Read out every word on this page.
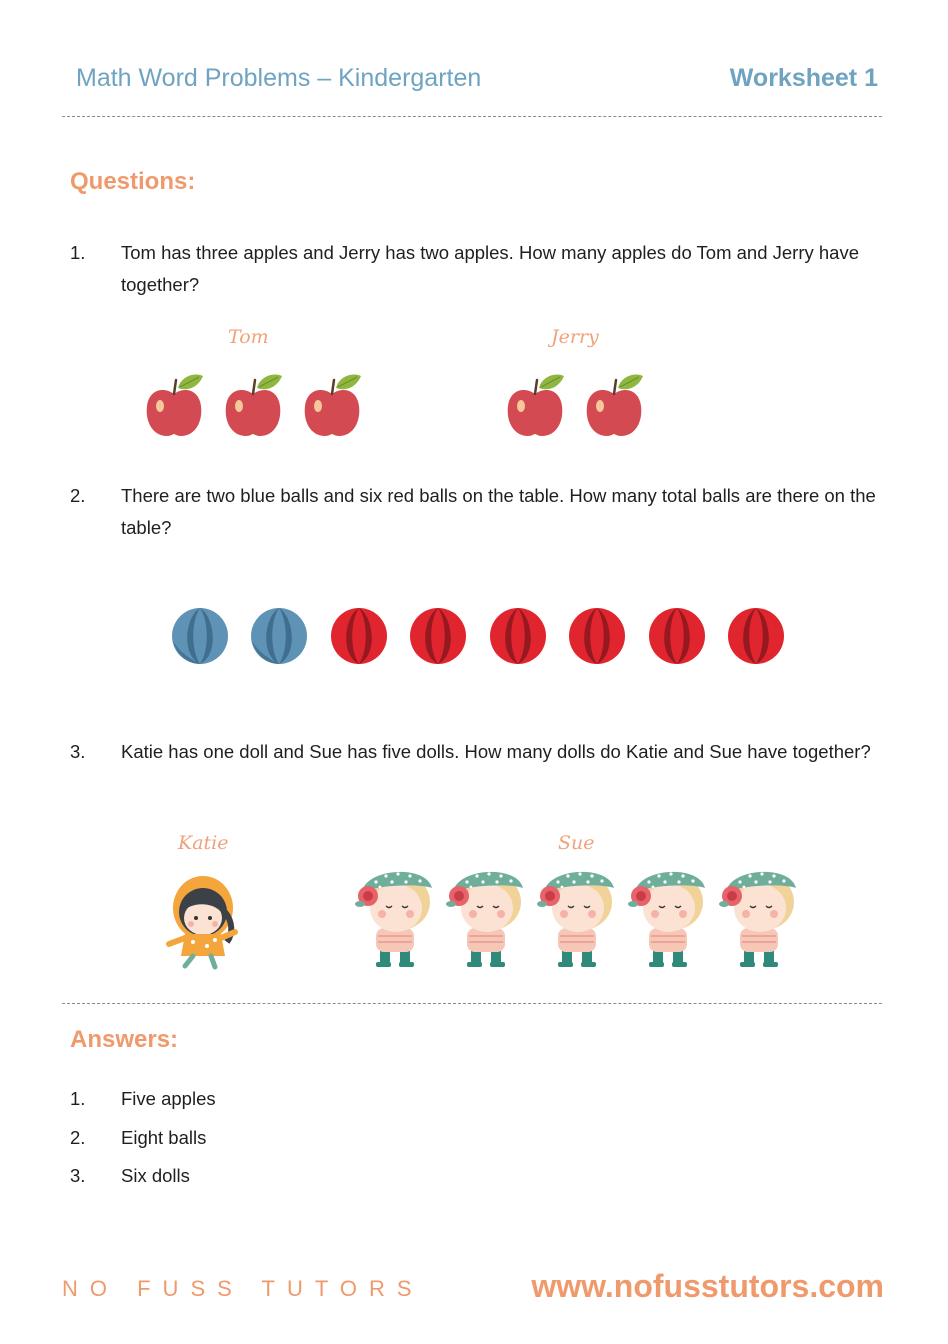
Math Word Problems – Kindergarten	Worksheet 1
Questions:
1. Tom has three apples and Jerry has two apples. How many apples do Tom and Jerry have together?
Tom	Jerry
2. There are two blue balls and six red balls on the table. How many total balls are there on the table?
3. Katie has one doll and Sue has five dolls. How many dolls do Katie and Sue have together?
Katie	Sue
Answers:
1. Five apples
2. Eight balls
3. Six dolls
NO FUSS TUTORS	www.nofusstutors.com
